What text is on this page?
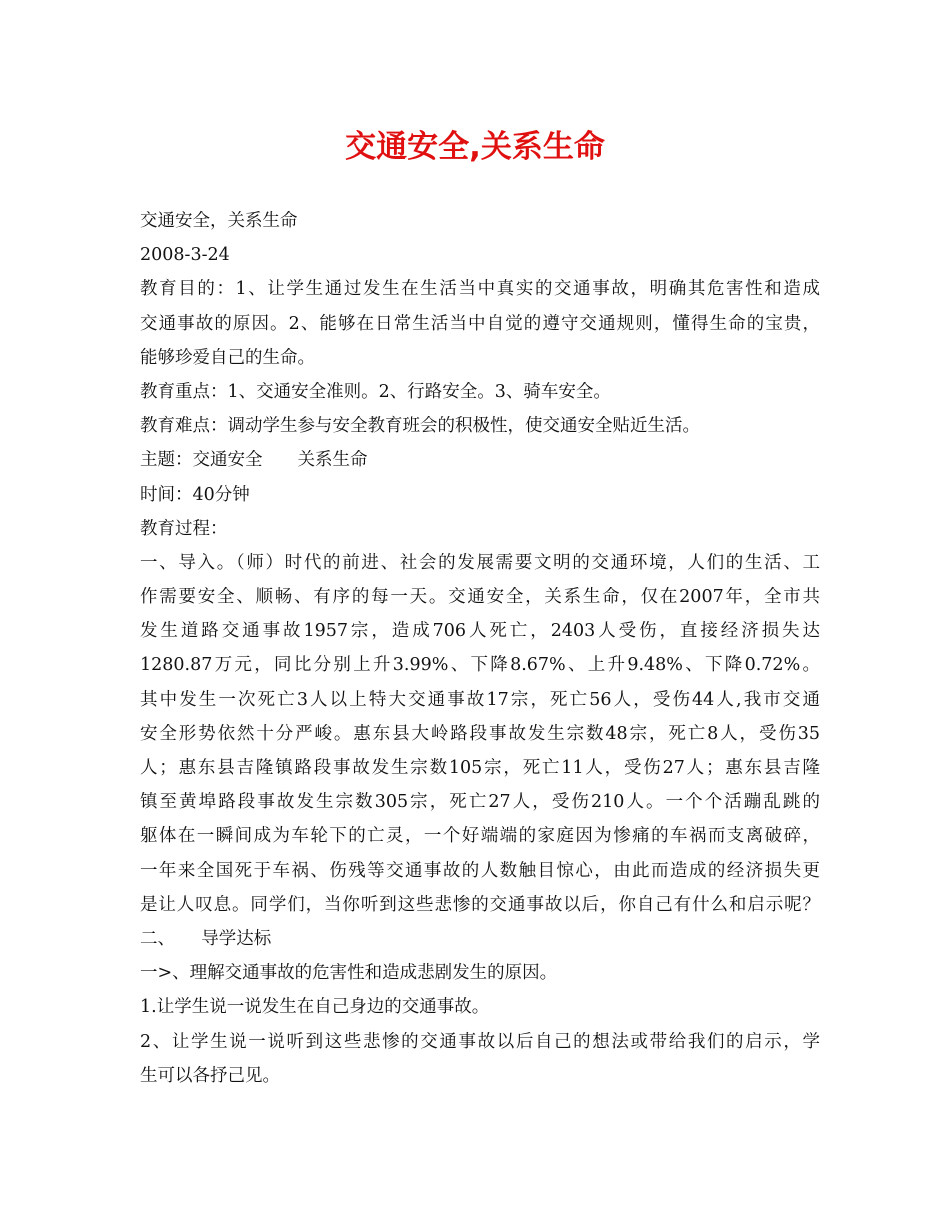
交通安全,关系生命
交通安全，关系生命
2008-3-24
教育目的：1、让学生通过发生在生活当中真实的交通事故，明确其危害性和造成
交通事故的原因。2、能够在日常生活当中自觉的遵守交通规则，懂得生命的宝贵，
能够珍爱自己的生命。
教育重点：1、交通安全准则。2、行路安全。3、骑车安全。
教育难点：调动学生参与安全教育班会的积极性，使交通安全贴近生活。
主题：交通安全　　关系生命
时间：40分钟
教育过程：
一、导入。（师）时代的前进、社会的发展需要文明的交通环境，人们的生活、工
作需要安全、顺畅、有序的每一天。交通安全，关系生命，仅在2007年，全市共
发生道路交通事故1957宗，造成706人死亡，2403人受伤，直接经济损失达
1280.87万元，同比分别上升3.99%、下降8.67%、上升9.48%、下降0.72%。
其中发生一次死亡3人以上特大交通事故17宗，死亡56人，受伤44人,我市交通
安全形势依然十分严峻。惠东县大岭路段事故发生宗数48宗，死亡8人，受伤35
人；惠东县吉隆镇路段事故发生宗数105宗，死亡11人，受伤27人；惠东县吉隆
镇至黄埠路段事故发生宗数305宗，死亡27人，受伤210人。一个个活蹦乱跳的
躯体在一瞬间成为车轮下的亡灵，一个好端端的家庭因为惨痛的车祸而支离破碎，
一年来全国死于车祸、伤残等交通事故的人数触目惊心，由此而造成的经济损失更
是让人叹息。同学们，当你听到这些悲惨的交通事故以后，你自己有什么和启示呢？
二、　　导学达标
一>、理解交通事故的危害性和造成悲剧发生的原因。
1.让学生说一说发生在自己身边的交通事故。
2、让学生说一说听到这些悲惨的交通事故以后自己的想法或带给我们的启示，学
生可以各抒己见。
